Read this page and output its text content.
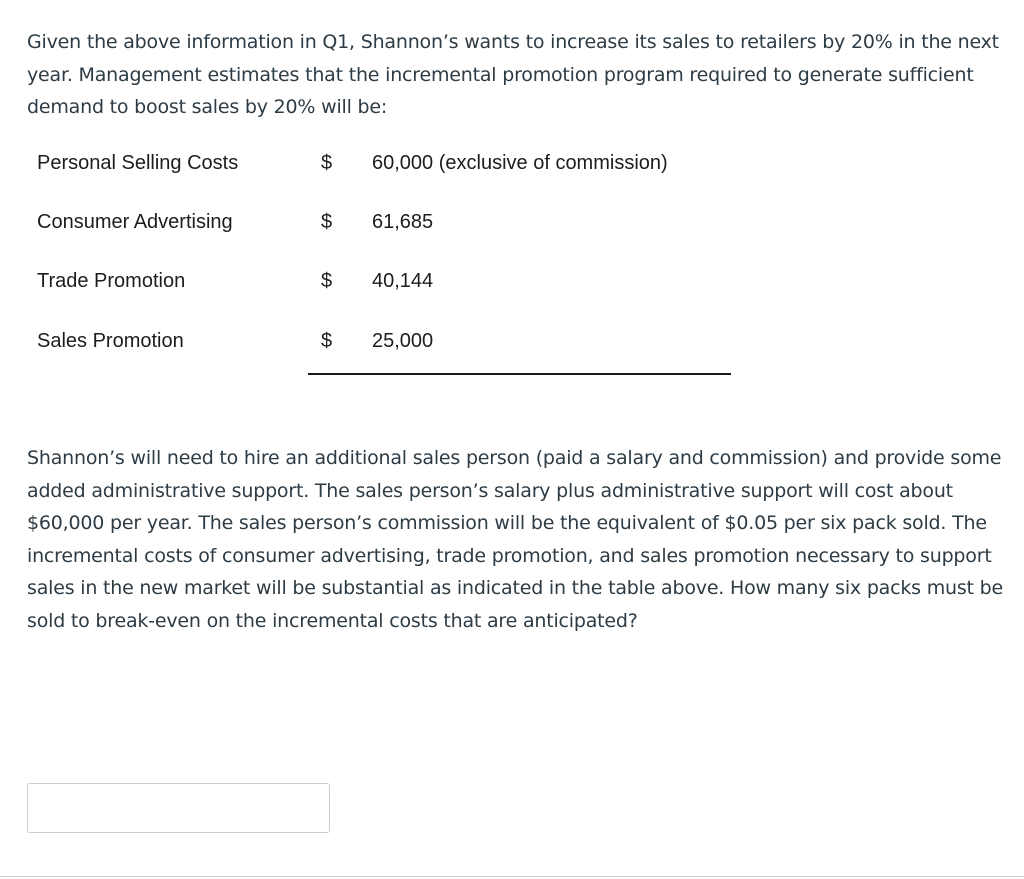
Given the above information in Q1, Shannon’s wants to increase its sales to retailers by 20% in the next year. Management estimates that the incremental promotion program required to generate sufficient demand to boost sales by 20% will be:
Personal Selling Costs	$ 60,000 (exclusive of commission)
Consumer Advertising	$ 61,685
Trade Promotion	$ 40,144
Sales Promotion	$ 25,000
Shannon’s will need to hire an additional sales person (paid a salary and commission) and provide some added administrative support. The sales person’s salary plus administrative support will cost about $60,000 per year. The sales person’s commission will be the equivalent of $0.05 per six pack sold. The incremental costs of consumer advertising, trade promotion, and sales promotion necessary to support sales in the new market will be substantial as indicated in the table above. How many six packs must be sold to break-even on the incremental costs that are anticipated?
